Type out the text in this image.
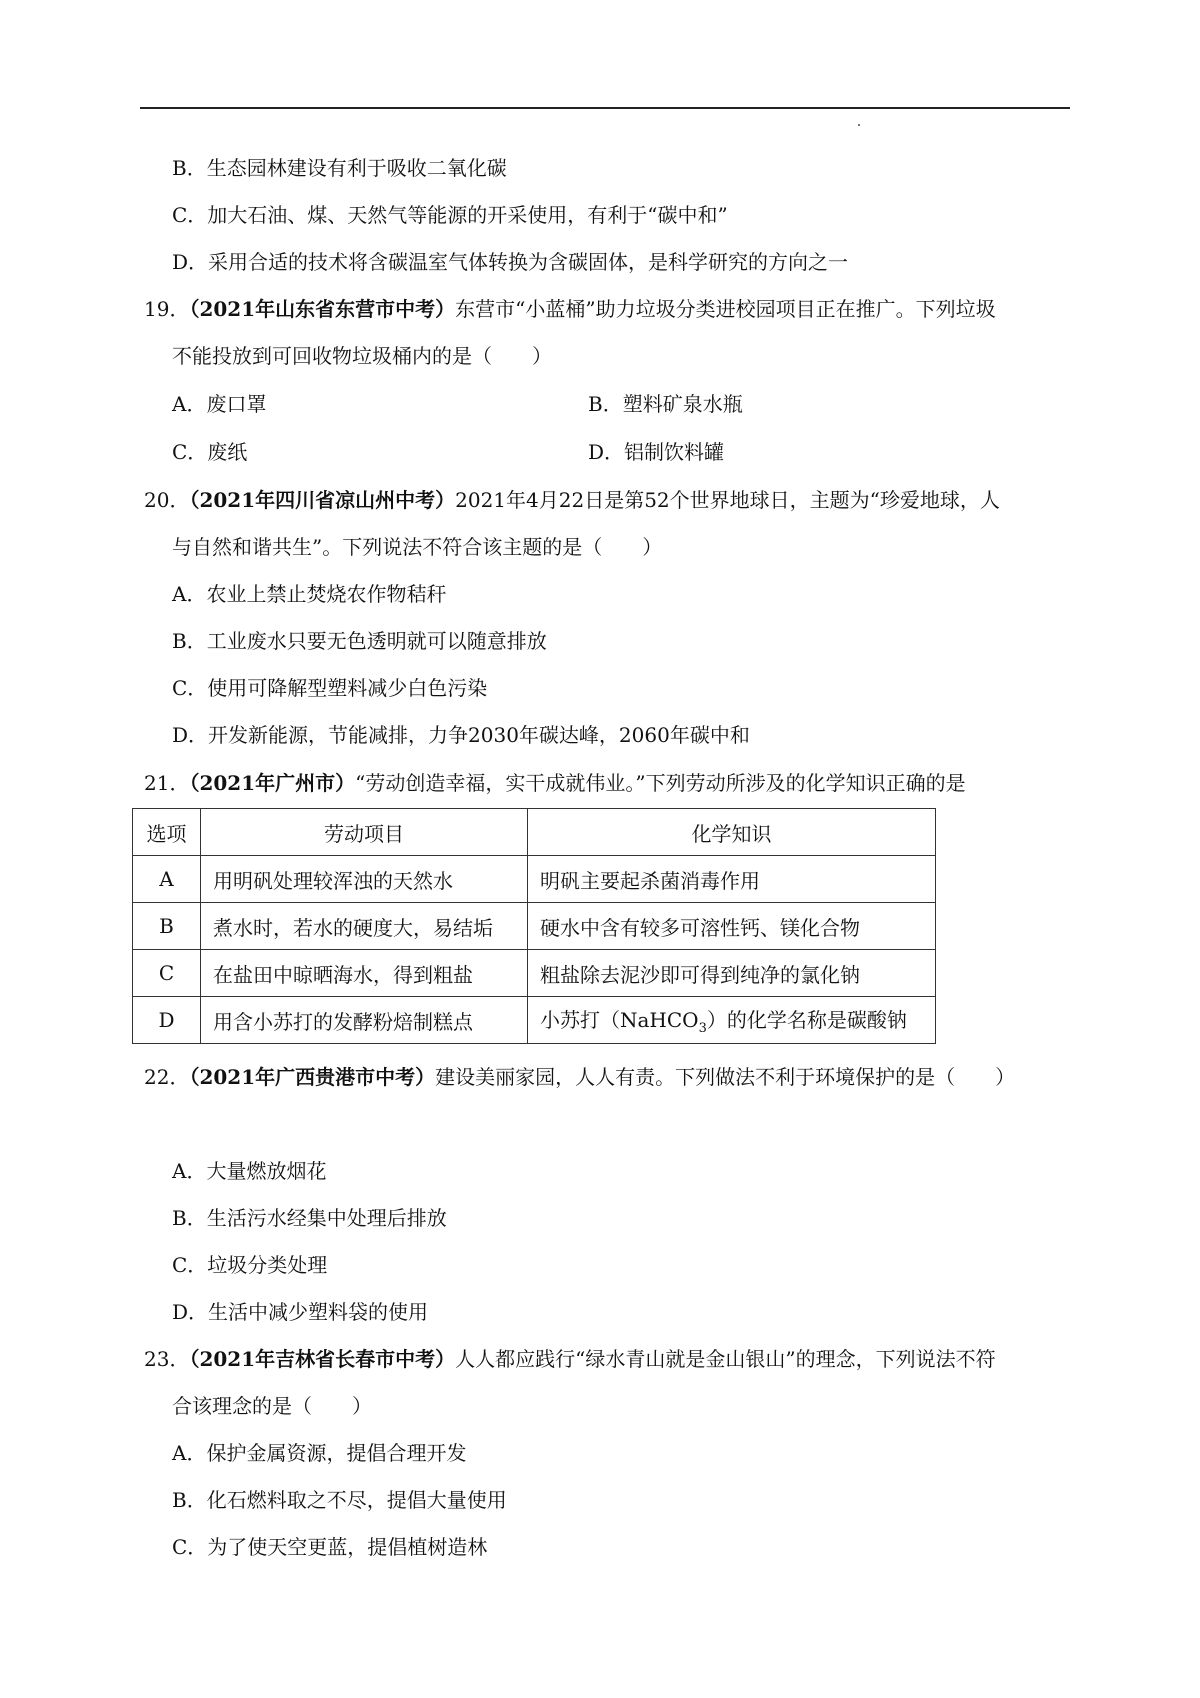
B．生态园林建设有利于吸收二氧化碳
C．加大石油、煤、天然气等能源的开采使用，有利于“碳中和”
D．采用合适的技术将含碳温室气体转换为含碳固体，是科学研究的方向之一
19．（2021年山东省东营市中考）东营市“小蓝桶”助力垃圾分类进校园项目正在推广。下列垃圾
不能投放到可回收物垃圾桶内的是（　　）
A．废口罩	B．塑料矿泉水瓶
C．废纸	D．铝制饮料罐
20．（2021年四川省凉山州中考）2021年4月22日是第52个世界地球日，主题为“珍爱地球，人
与自然和谐共生”。下列说法不符合该主题的是（　　）
A．农业上禁止焚烧农作物秸秆
B．工业废水只要无色透明就可以随意排放
C．使用可降解型塑料减少白色污染
D．开发新能源，节能减排，力争2030年碳达峰，2060年碳中和
21．（2021年广州市）“劳动创造幸福，实干成就伟业。”下列劳动所涉及的化学知识正确的是
选项	劳动项目	化学知识
A	用明矾处理较浑浊的天然水	明矾主要起杀菌消毒作用
B	煮水时，若水的硬度大，易结垢	硬水中含有较多可溶性钙、镁化合物
C	在盐田中晾晒海水，得到粗盐	粗盐除去泥沙即可得到纯净的氯化钠
D	用含小苏打的发酵粉焙制糕点	小苏打（NaHCO$_3$）的化学名称是碳酸钠
22．（2021年广西贵港市中考）建设美丽家园，人人有责。下列做法不利于环境保护的是（　　）
A．大量燃放烟花
B．生活污水经集中处理后排放
C．垃圾分类处理
D．生活中减少塑料袋的使用
23．（2021年吉林省长春市中考）人人都应践行“绿水青山就是金山银山”的理念，下列说法不符
合该理念的是（　　）
A．保护金属资源，提倡合理开发
B．化石燃料取之不尽，提倡大量使用
C．为了使天空更蓝，提倡植树造林
